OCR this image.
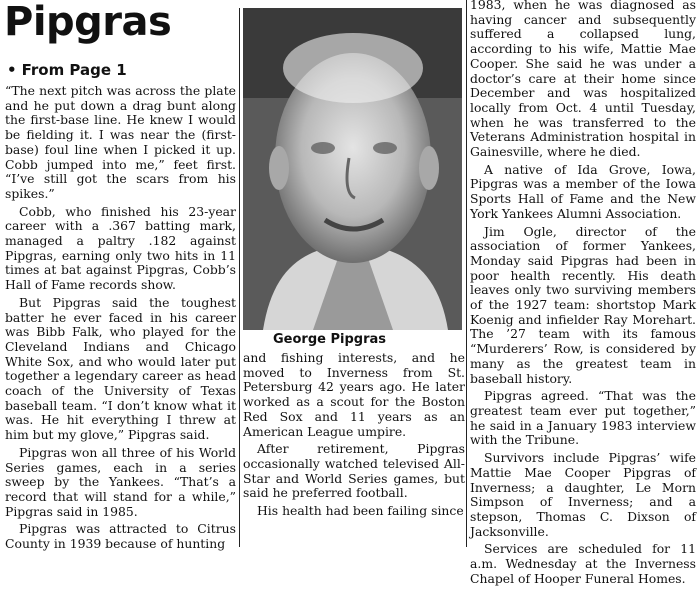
Pipgras
• From Page 1

“The next pitch was across the plate and he put down a drag bunt along the first-base line. He knew I would be fielding it. I was near the (first-base) foul line when I picked it up. Cobb jumped into me,” feet first. “I’ve still got the scars from his spikes.”

Cobb, who finished his 23-year career with a .367 batting mark, managed a paltry .182 against Pipgras, earning only two hits in 11 times at bat against Pipgras, Cobb’s Hall of Fame records show.

But Pipgras said the toughest batter he ever faced in his career was Bibb Falk, who played for the Cleveland Indians and Chicago White Sox, and who would later put together a legendary career as head coach of the University of Texas baseball team. “I don’t know what it was. He hit everything I threw at him but my glove,” Pipgras said.

Pipgras won all three of his World Series games, each in a series sweep by the Yankees. “That’s a record that will stand for a while,” Pipgras said in 1985.

Pipgras was attracted to Citrus County in 1939 because of hunting

George Pipgras

and fishing interests, and he moved to Inverness from St. Petersburg 42 years ago. He later worked as a scout for the Boston Red Sox and 11 years as an American League umpire.

After retirement, Pipgras occasionally watched televised All-Star and World Series games, but said he preferred football.

His health had been failing since

1983, when he was diagnosed as having cancer and subsequently suffered a collapsed lung, according to his wife, Mattie Mae Cooper. She said he was under a doctor’s care at their home since December and was hospitalized locally from Oct. 4 until Tuesday, when he was transferred to the Veterans Administration hospital in Gainesville, where he died.

A native of Ida Grove, Iowa, Pipgras was a member of the Iowa Sports Hall of Fame and the New York Yankees Alumni Association.

Jim Ogle, director of the association of former Yankees, Monday said Pipgras had been in poor health recently. His death leaves only two surviving members of the 1927 team: shortstop Mark Koenig and infielder Ray Morehart. The ’27 team with its famous “Murderers’ Row, is considered by many as the greatest team in baseball history.

Pipgras agreed. “That was the greatest team ever put together,” he said in a January 1983 interview with the Tribune.

Survivors include Pipgras’ wife Mattie Mae Cooper Pipgras of Inverness; a daughter, Le Morn Simpson of Inverness; and a stepson, Thomas C. Dixson of Jacksonville.

Services are scheduled for 11 a.m. Wednesday at the Inverness Chapel of Hooper Funeral Homes.
